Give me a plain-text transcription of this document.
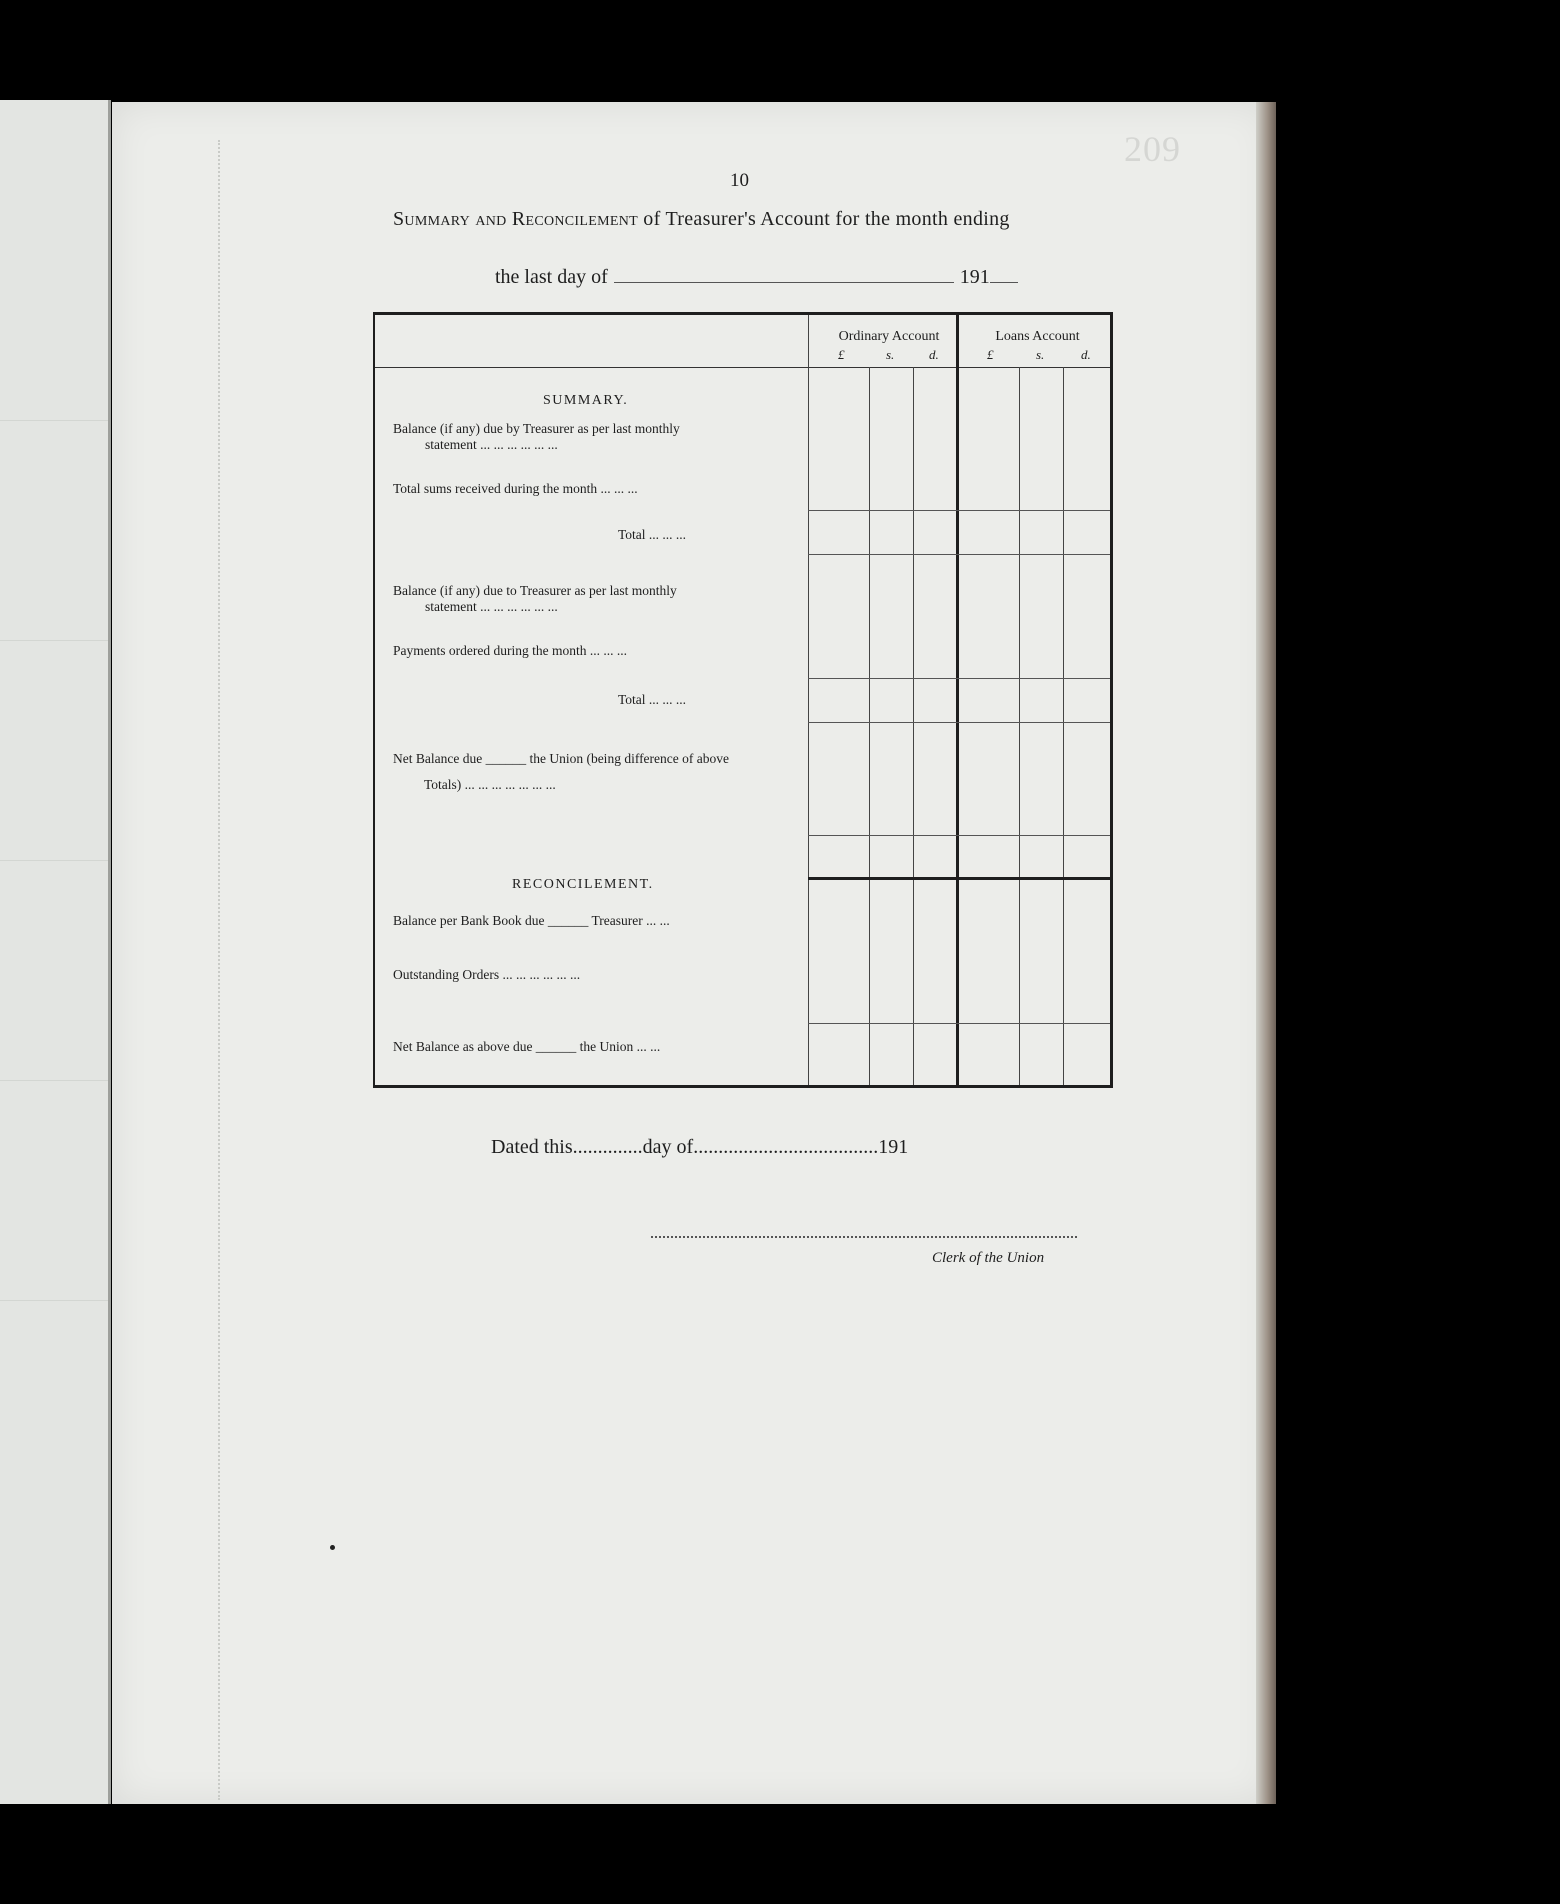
209
10
Summary and Reconcilement of Treasurer's Account for the month ending
the last day of	191
Ordinary Account	Loans Account
£	s.	d.	£	s.	d.
SUMMARY.
Balance (if any) due by Treasurer as per last monthly
statement ... ... ... ... ... ...
Total sums received during the month ... ... ...
Total ... ... ...
Balance (if any) due to Treasurer as per last monthly
statement ... ... ... ... ... ...
Payments ordered during the month ... ... ...
Total ... ... ...
Net Balance due ______ the Union (being difference of above
Totals) ... ... ... ... ... ... ...
RECONCILEMENT.
Balance per Bank Book due ______ Treasurer ... ...
Outstanding Orders ... ... ... ... ... ...
Net Balance as above due ______ the Union ... ...
Dated this..............day of.....................................191
Clerk of the Union
